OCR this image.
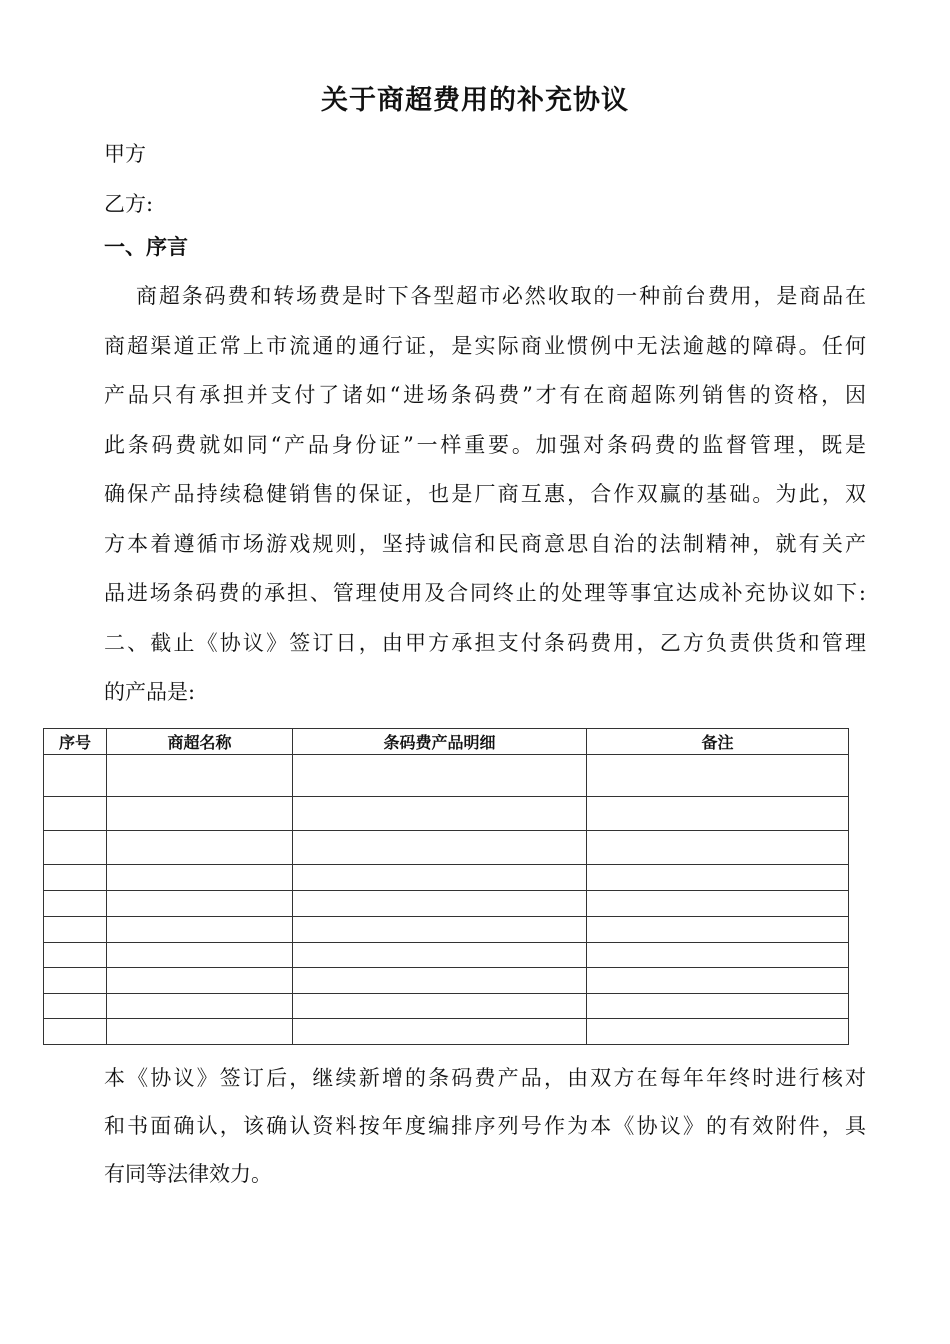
关于商超费用的补充协议
甲方
乙方:
一、序言
商超条码费和转场费是时下各型超市必然收取的一种前台费用，是商品在
商超渠道正常上市流通的通行证，是实际商业惯例中无法逾越的障碍。任何
产品只有承担并支付了诸如“进场条码费”才有在商超陈列销售的资格，因
此条码费就如同“产品身份证”一样重要。加强对条码费的监督管理，既是
确保产品持续稳健销售的保证，也是厂商互惠，合作双赢的基础。为此，双
方本着遵循市场游戏规则，坚持诚信和民商意思自治的法制精神，就有关产
品进场条码费的承担、管理使用及合同终止的处理等事宜达成补充协议如下:
二、截止《协议》签订日，由甲方承担支付条码费用，乙方负责供货和管理
的产品是:
序号	商超名称	条码费产品明细	备注

本《协议》签订后，继续新增的条码费产品，由双方在每年年终时进行核对
和书面确认，该确认资料按年度编排序列号作为本《协议》的有效附件，具
有同等法律效力。
